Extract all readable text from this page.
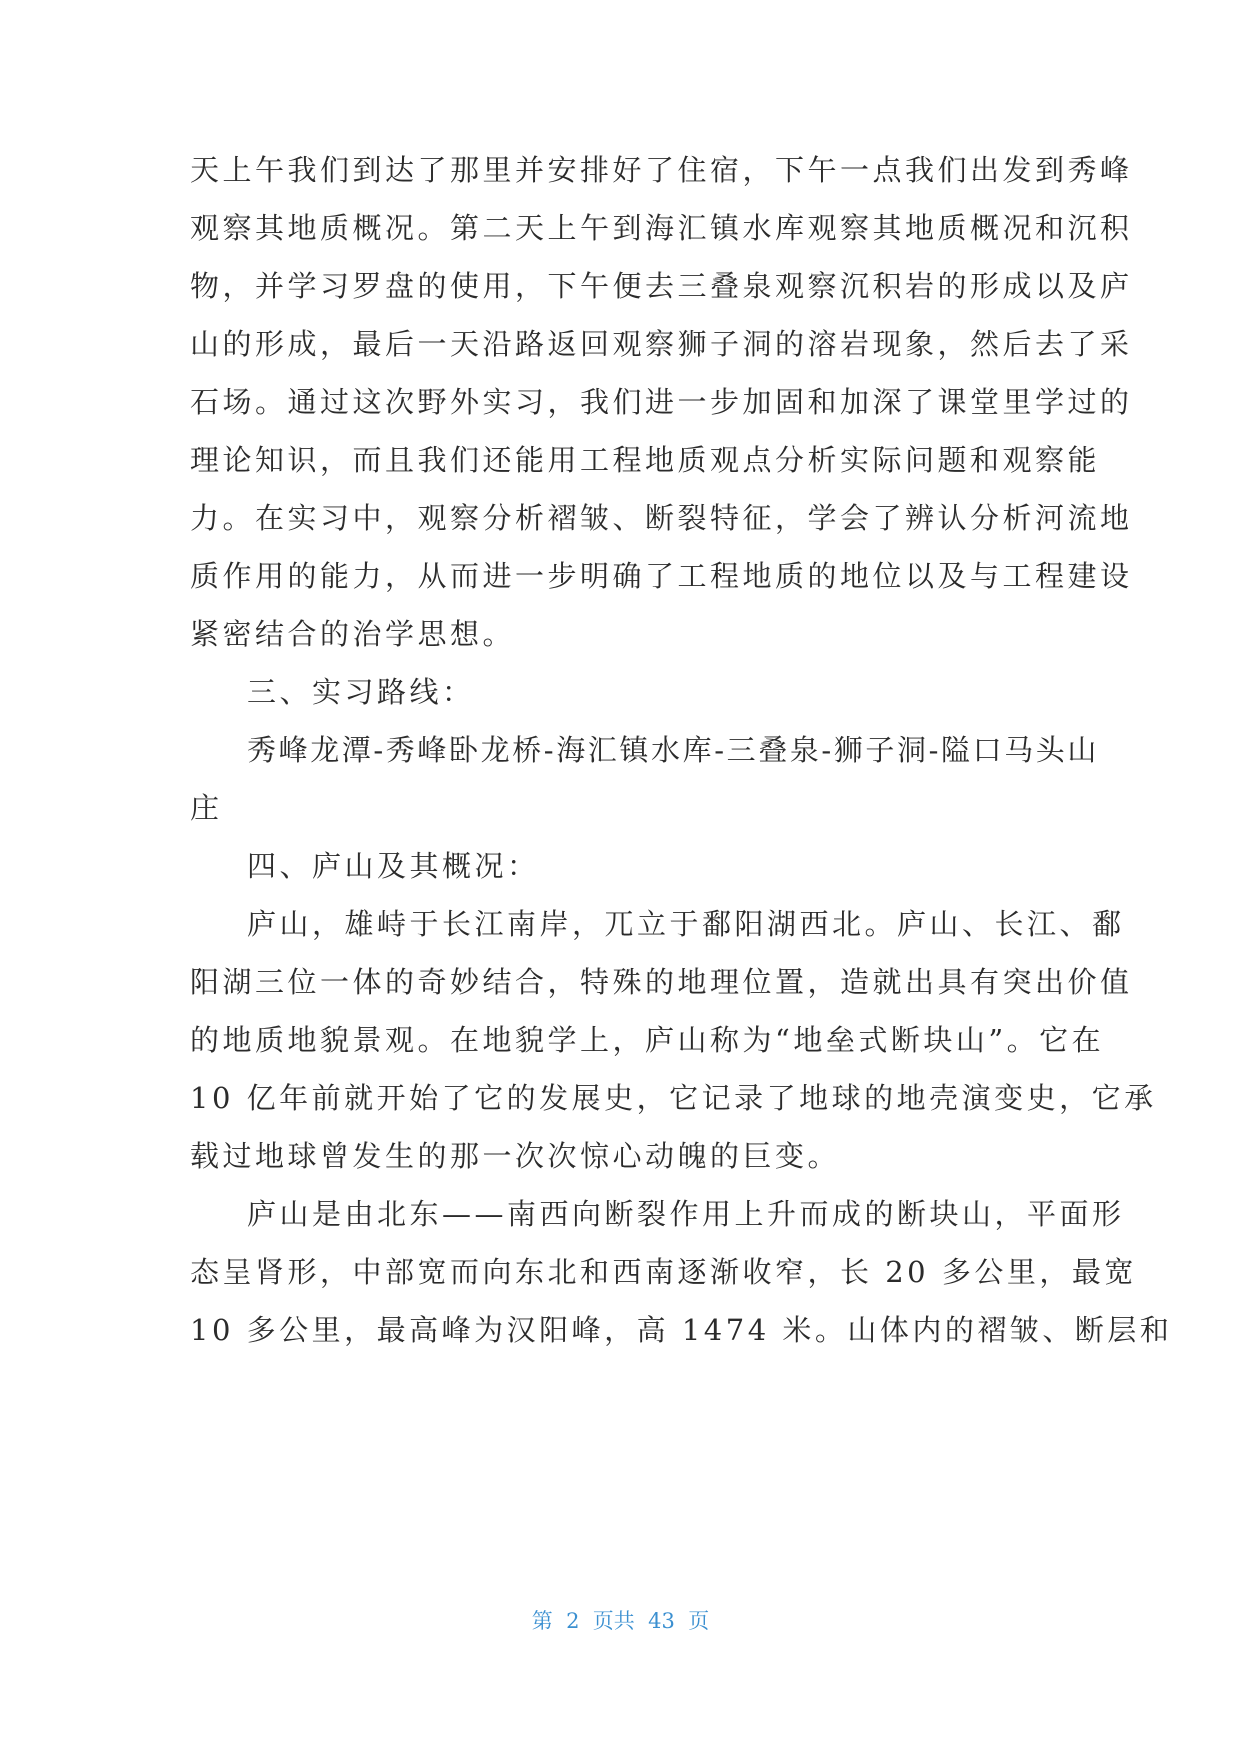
天上午我们到达了那里并安排好了住宿，下午一点我们出发到秀峰
观察其地质概况。第二天上午到海汇镇水库观察其地质概况和沉积
物，并学习罗盘的使用，下午便去三叠泉观察沉积岩的形成以及庐
山的形成，最后一天沿路返回观察狮子洞的溶岩现象，然后去了采
石场。通过这次野外实习，我们进一步加固和加深了课堂里学过的
理论知识，而且我们还能用工程地质观点分析实际问题和观察能
力。在实习中，观察分析褶皱、断裂特征，学会了辨认分析河流地
质作用的能力，从而进一步明确了工程地质的地位以及与工程建设
紧密结合的治学思想。
三、实习路线：
秀峰龙潭-秀峰卧龙桥-海汇镇水库-三叠泉-狮子洞-隘口马头山
庄
四、庐山及其概况：
庐山，雄峙于长江南岸，兀立于鄱阳湖西北。庐山、长江、鄱
阳湖三位一体的奇妙结合，特殊的地理位置，造就出具有突出价值
的地质地貌景观。在地貌学上，庐山称为“地垒式断块山”。它在
10 亿年前就开始了它的发展史，它记录了地球的地壳演变史，它承
载过地球曾发生的那一次次惊心动魄的巨变。
庐山是由北东——南西向断裂作用上升而成的断块山，平面形
态呈肾形，中部宽而向东北和西南逐渐收窄，长 20 多公里，最宽
10 多公里，最高峰为汉阳峰，高 1474 米。山体内的褶皱、断层和
第  2  页共  43  页
